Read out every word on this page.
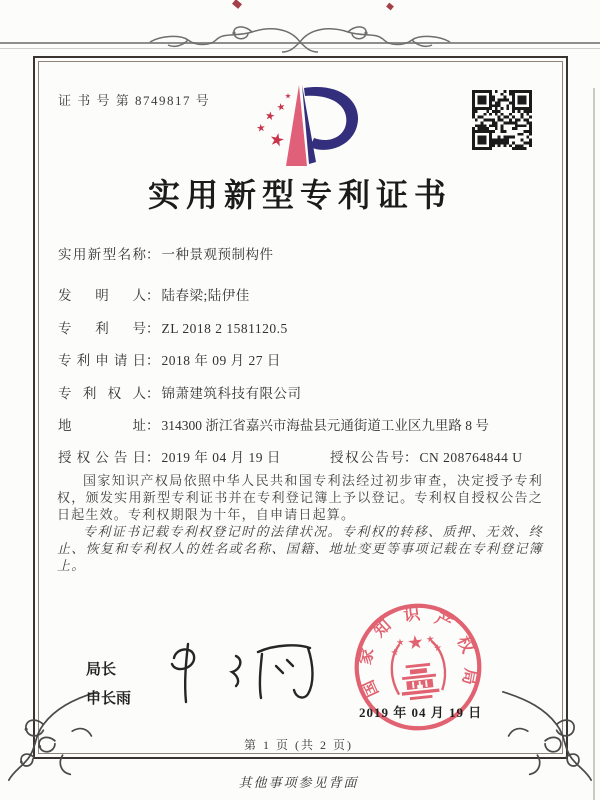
证 书 号 第 8749817 号
实用新型专利证书
实用新型名称： 一种景观预制构件
发明人： 陆春梁;陆伊佳
专利号： ZL 2018 2 1581120.5
专利申请日： 2018 年 09 月 27 日
专利权人： 锦萧建筑科技有限公司
地址： 314300 浙江省嘉兴市海盐县元通街道工业区九里路 8 号
授权公告日： 2019 年 04 月 19 日	授权公告号： CN 208764844 U

国家知识产权局依照中华人民共和国专利法经过初步审查，决定授予专利权，颁发实用新型专利证书并在专利登记簿上予以登记。专利权自授权公告之日起生效。专利权期限为十年，自申请日起算。

专利证书记载专利权登记时的法律状况。专利权的转移、质押、无效、终止、恢复和专利权人的姓名或名称、国籍、地址变更等事项记载在专利登记簿上。

局长
申长雨	国家知识产权局
2019 年 04 月 19 日
第 1 页 (共 2 页)
其他事项参见背面
